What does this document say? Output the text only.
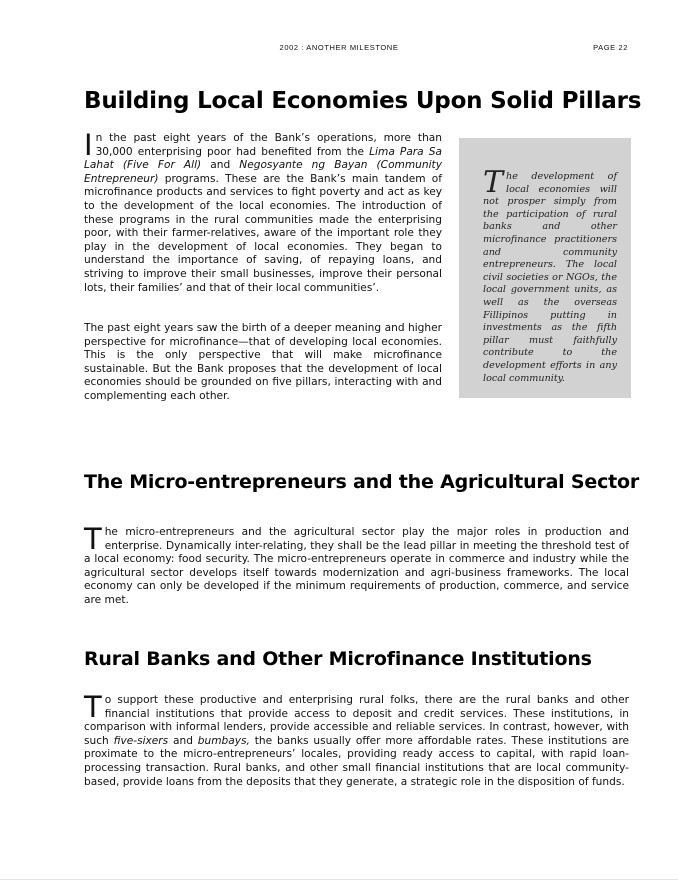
2002 : ANOTHER MILESTONE	PAGE 22
Building Local Economies Upon Solid Pillars

In the past eight years of the Bank’s operations, more than 30,000 enterprising poor had benefited from the Lima Para Sa Lahat (Five For All) and Negosyante ng Bayan (Community Entrepreneur) programs. These are the Bank’s main tandem of microfinance products and services to fight poverty and act as key to the development of the local economies. The introduction of these programs in the rural communities made the enterprising poor, with their farmer-relatives, aware of the important role they play in the development of local economies. They began to understand the importance of saving, of repaying loans, and striving to improve their small businesses, improve their personal lots, their families’ and that of their local communities’.

The past eight years saw the birth of a deeper meaning and higher perspective for microfinance—that of developing local economies. This is the only perspective that will make microfinance sustainable. But the Bank proposes that the development of local economies should be grounded on five pillars, interacting with and complementing each other.

The development of local economies will not prosper simply from the participation of rural banks and other microfinance practitioners and community entrepreneurs. The local civil societies or NGOs, the local government units, as well as the overseas Fillipinos putting in investments as the fifth pillar must faithfully contribute to the development efforts in any local community.
The Micro-entrepreneurs and the Agricultural Sector

The micro-entrepreneurs and the agricultural sector play the major roles in production and enterprise. Dynamically inter-relating, they shall be the lead pillar in meeting the threshold test of a local economy: food security. The micro-entrepreneurs operate in commerce and industry while the agricultural sector develops itself towards modernization and agri-business frameworks. The local economy can only be developed if the minimum requirements of production, commerce, and service are met.

Rural Banks and Other Microfinance Institutions

To support these productive and enterprising rural folks, there are the rural banks and other financial institutions that provide access to deposit and credit services. These institutions, in comparison with informal lenders, provide accessible and reliable services. In contrast, however, with such five-sixers and bumbays, the banks usually offer more affordable rates. These institutions are proximate to the micro-entrepreneurs’ locales, providing ready access to capital, with rapid loan-processing transaction. Rural banks, and other small financial institutions that are local community-based, provide loans from the deposits that they generate, a strategic role in the disposition of funds.
